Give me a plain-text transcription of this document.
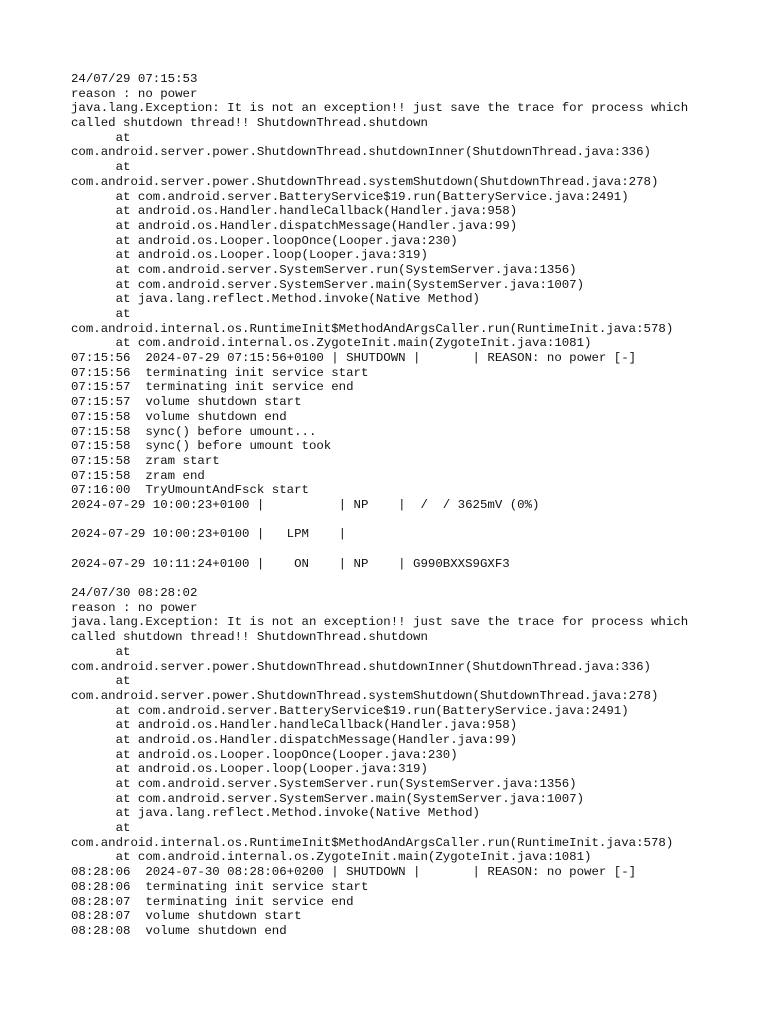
24/07/29 07:15:53
reason : no power
java.lang.Exception: It is not an exception!! just save the trace for process which
called shutdown thread!! ShutdownThread.shutdown
at
com.android.server.power.ShutdownThread.shutdownInner(ShutdownThread.java:336)
at
com.android.server.power.ShutdownThread.systemShutdown(ShutdownThread.java:278)
at com.android.server.BatteryService$19.run(BatteryService.java:2491)
at android.os.Handler.handleCallback(Handler.java:958)
at android.os.Handler.dispatchMessage(Handler.java:99)
at android.os.Looper.loopOnce(Looper.java:230)
at android.os.Looper.loop(Looper.java:319)
at com.android.server.SystemServer.run(SystemServer.java:1356)
at com.android.server.SystemServer.main(SystemServer.java:1007)
at java.lang.reflect.Method.invoke(Native Method)
at
com.android.internal.os.RuntimeInit$MethodAndArgsCaller.run(RuntimeInit.java:578)
at com.android.internal.os.ZygoteInit.main(ZygoteInit.java:1081)
07:15:56  2024-07-29 07:15:56+0100 | SHUTDOWN |       | REASON: no power [-]
07:15:56  terminating init service start
07:15:57  terminating init service end
07:15:57  volume shutdown start
07:15:58  volume shutdown end
07:15:58  sync() before umount...
07:15:58  sync() before umount took
07:15:58  zram start
07:15:58  zram end
07:16:00  TryUmountAndFsck start
2024-07-29 10:00:23+0100 |          | NP    |  /  / 3625mV (0%)
2024-07-29 10:00:23+0100 |   LPM    |
2024-07-29 10:11:24+0100 |    ON    | NP    | G990BXXS9GXF3
24/07/30 08:28:02
reason : no power
java.lang.Exception: It is not an exception!! just save the trace for process which
called shutdown thread!! ShutdownThread.shutdown
at
com.android.server.power.ShutdownThread.shutdownInner(ShutdownThread.java:336)
at
com.android.server.power.ShutdownThread.systemShutdown(ShutdownThread.java:278)
at com.android.server.BatteryService$19.run(BatteryService.java:2491)
at android.os.Handler.handleCallback(Handler.java:958)
at android.os.Handler.dispatchMessage(Handler.java:99)
at android.os.Looper.loopOnce(Looper.java:230)
at android.os.Looper.loop(Looper.java:319)
at com.android.server.SystemServer.run(SystemServer.java:1356)
at com.android.server.SystemServer.main(SystemServer.java:1007)
at java.lang.reflect.Method.invoke(Native Method)
at
com.android.internal.os.RuntimeInit$MethodAndArgsCaller.run(RuntimeInit.java:578)
at com.android.internal.os.ZygoteInit.main(ZygoteInit.java:1081)
08:28:06  2024-07-30 08:28:06+0200 | SHUTDOWN |       | REASON: no power [-]
08:28:06  terminating init service start
08:28:07  terminating init service end
08:28:07  volume shutdown start
08:28:08  volume shutdown end
